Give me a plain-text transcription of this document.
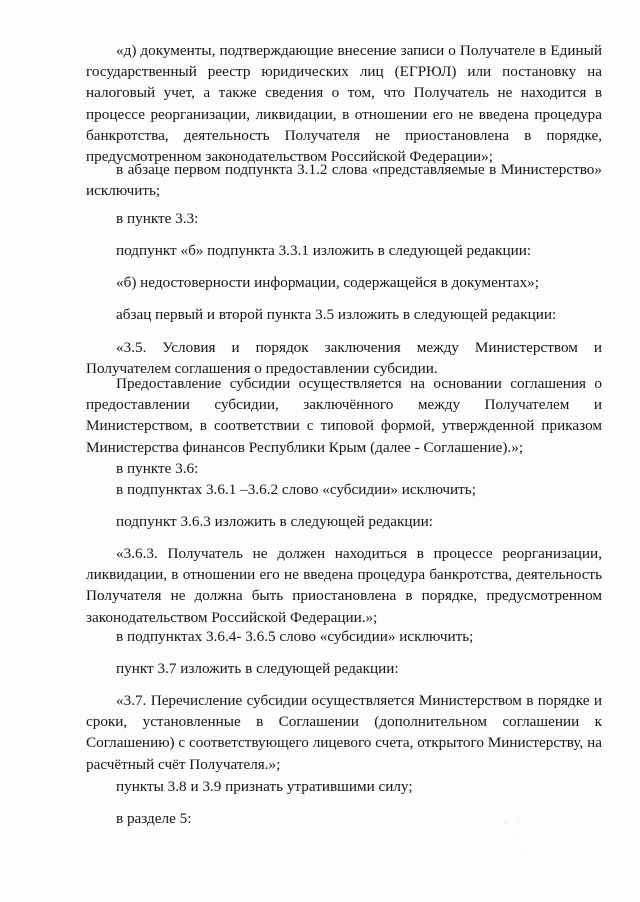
«д) документы, подтверждающие внесение записи о Получателе в Единый государственный реестр юридических лиц (ЕГРЮЛ) или постановку на налоговый учет, а также сведения о том, что Получатель не находится в процессе реорганизации, ликвидации, в отношении его не введена процедура банкротства, деятельность Получателя не приостановлена в порядке, предусмотренном законодательством Российской Федерации»;

в абзаце первом подпункта 3.1.2 слова «представляемые в Министерство» исключить;

в пункте 3.3:

подпункт «б» подпункта 3.3.1 изложить в следующей редакции:

«б) недостоверности информации, содержащейся в документах»;

абзац первый и второй пункта 3.5 изложить в следующей редакции:

«3.5. Условия и порядок заключения между Министерством и Получателем соглашения о предоставлении субсидии.

Предоставление субсидии осуществляется на основании соглашения о предоставлении субсидии, заключённого между Получателем и Министерством, в соответствии с типовой формой, утвержденной приказом Министерства финансов Республики Крым (далее - Соглашение).»;

в пункте 3.6:

в подпунктах 3.6.1 –3.6.2 слово «субсидии» исключить;

подпункт 3.6.3 изложить в следующей редакции:

«3.6.3. Получатель не должен находиться в процессе реорганизации, ликвидации, в отношении его не введена процедура банкротства, деятельность Получателя не должна быть приостановлена в порядке, предусмотренном законодательством Российской Федерации.»;

в подпунктах 3.6.4- 3.6.5 слово «субсидии» исключить;

пункт 3.7 изложить в следующей редакции:

«3.7. Перечисление субсидии осуществляется Министерством в порядке и сроки, установленные в Соглашении (дополнительном соглашении к Соглашению) с соответствующего лицевого счета, открытого Министерству, на расчётный счёт Получателя.»;

пункты 3.8 и 3.9 признать утратившими силу;

в разделе 5:
